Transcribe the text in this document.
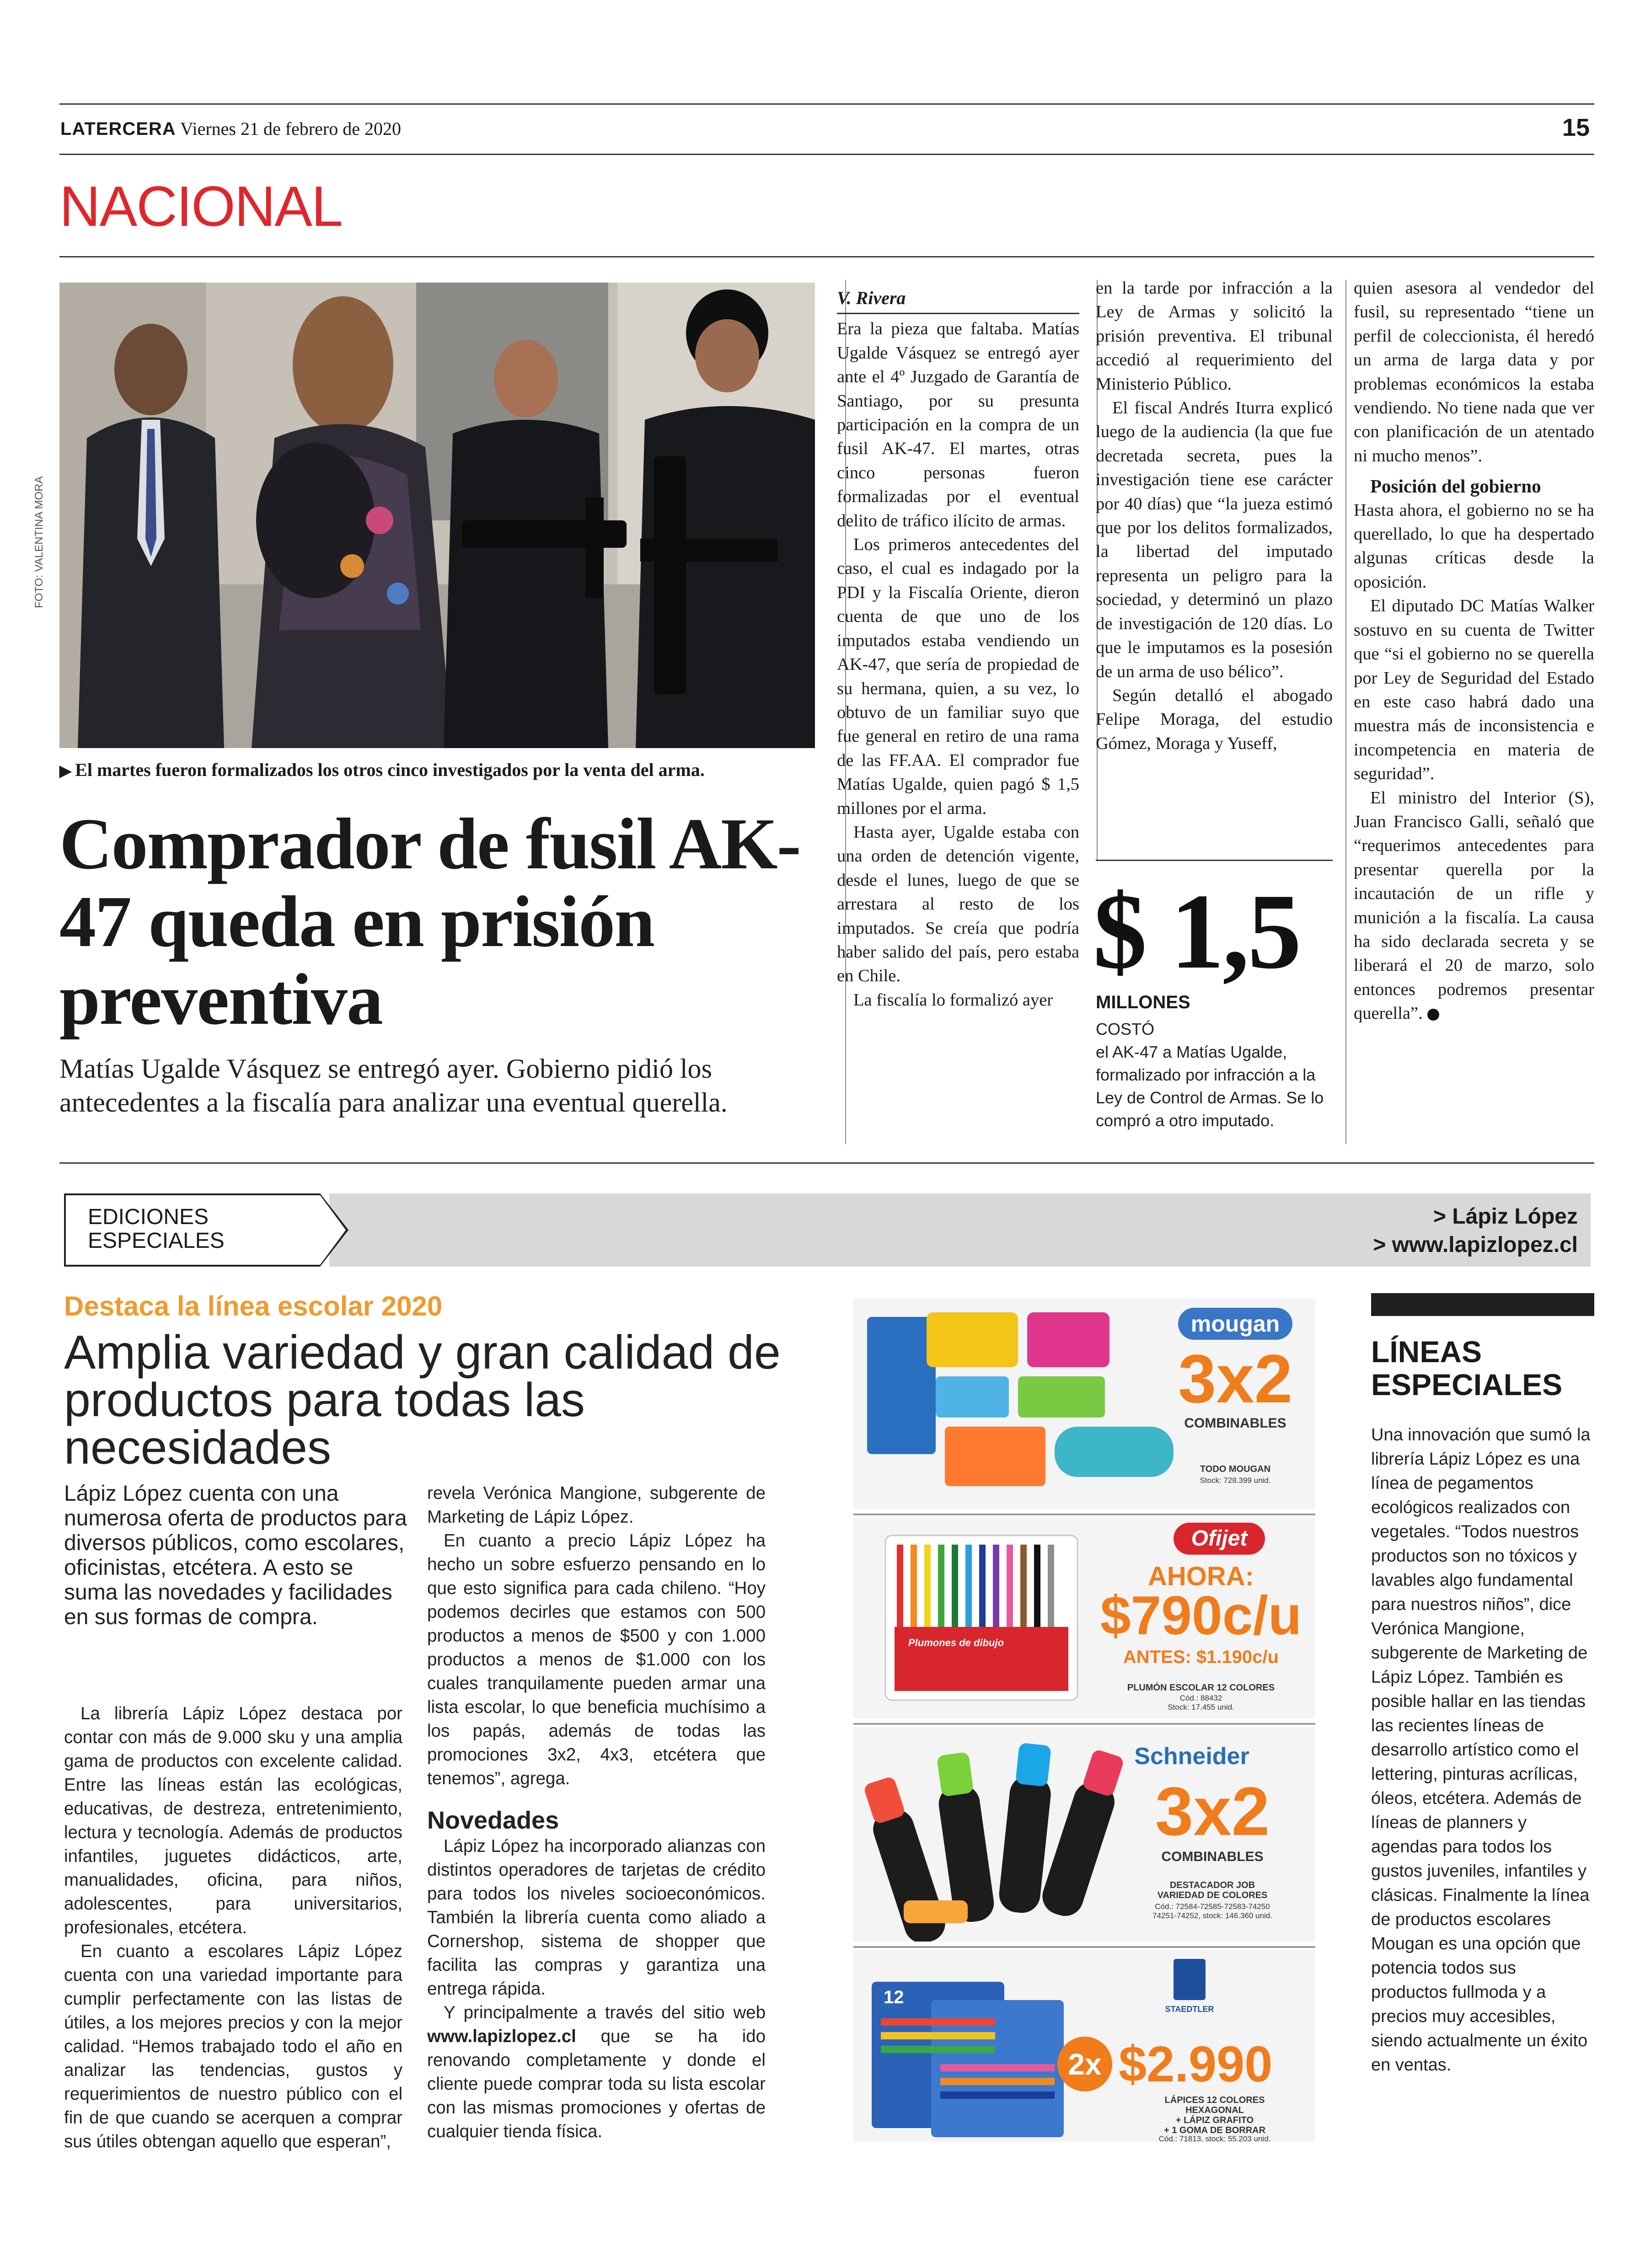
LATERCERA Viernes 21 de febrero de 2020	15
NACIONAL
FOTO: VALENTINA MORA
▶ El martes fueron formalizados los otros cinco investigados por la venta del arma.
Comprador de fusil AK-47 queda en prisión preventiva
Matías Ugalde Vásquez se entregó ayer. Gobierno pidió los antecedentes a la fiscalía para analizar una eventual querella.
V. Rivera

Era la pieza que faltaba. Matías Ugalde Vásquez se entregó ayer ante el 4º Juzgado de Garantía de Santiago, por su presunta participación en la compra de un fusil AK-47. El martes, otras cinco personas fueron formalizadas por el eventual delito de tráfico ilícito de armas.

Los primeros antecedentes del caso, el cual es indagado por la PDI y la Fiscalía Oriente, dieron cuenta de que uno de los imputados estaba vendiendo un AK-47, que sería de propiedad de su hermana, quien, a su vez, lo obtuvo de un familiar suyo que fue general en retiro de una rama de las FF.AA. El comprador fue Matías Ugalde, quien pagó $ 1,5 millones por el arma.

Hasta ayer, Ugalde estaba con una orden de detención vigente, desde el lunes, luego de que se arrestara al resto de los imputados. Se creía que podría haber salido del país, pero estaba en Chile.

La fiscalía lo formalizó ayer

en la tarde por infracción a la Ley de Armas y solicitó la prisión preventiva. El tribunal accedió al requerimiento del Ministerio Público.

El fiscal Andrés Iturra explicó luego de la audiencia (la que fue decretada secreta, pues la investigación tiene ese carácter por 40 días) que “la jueza estimó que por los delitos formalizados, la libertad del imputado representa un peligro para la sociedad, y determinó un plazo de investigación de 120 días. Lo que le imputamos es la posesión de un arma de uso bélico”.

Según detalló el abogado Felipe Moraga, del estudio Gómez, Moraga y Yuseff,

$ 1,5
MILLONES
COSTÓ
el AK-47 a Matías Ugalde, formalizado por infracción a la Ley de Control de Armas. Se lo compró a otro imputado.

quien asesora al vendedor del fusil, su representado “tiene un perfil de coleccionista, él heredó un arma de larga data y por problemas económicos la estaba vendiendo. No tiene nada que ver con planificación de un atentado ni mucho menos”.

Posición del gobierno

Hasta ahora, el gobierno no se ha querellado, lo que ha despertado algunas críticas desde la oposición.

El diputado DC Matías Walker sostuvo en su cuenta de Twitter que “si el gobierno no se querella por Ley de Seguridad del Estado en este caso habrá dado una muestra más de inconsistencia e incompetencia en materia de seguridad”.

El ministro del Interior (S), Juan Francisco Galli, señaló que “requerimos antecedentes para presentar querella por la incautación de un rifle y munición a la fiscalía. La causa ha sido declarada secreta y se liberará el 20 de marzo, solo entonces podremos presentar querella”.

EDICIONES
ESPECIALES
> Lápiz López
> www.lapizlopez.cl
Destaca la línea escolar 2020
Amplia variedad y gran calidad de productos para todas las necesidades
Lápiz López cuenta con una numerosa oferta de productos para diversos públicos, como escolares, oficinistas, etcétera. A esto se suma las novedades y facilidades en sus formas de compra.

La librería Lápiz López destaca por contar con más de 9.000 sku y una amplia gama de productos con excelente calidad. Entre las líneas están las ecológicas, educativas, de destreza, entretenimiento, lectura y tecnología. Además de productos infantiles, juguetes didácticos, arte, manualidades, oficina, para niños, adolescentes, para universitarios, profesionales, etcétera.

En cuanto a escolares Lápiz López cuenta con una variedad importante para cumplir perfectamente con las listas de útiles, a los mejores precios y con la mejor calidad. “Hemos trabajado todo el año en analizar las tendencias, gustos y requerimientos de nuestro público con el fin de que cuando se acerquen a comprar sus útiles obtengan aquello que esperan”,

revela Verónica Mangione, subgerente de Marketing de Lápiz López.

En cuanto a precio Lápiz López ha hecho un sobre esfuerzo pensando en lo que esto significa para cada chileno. “Hoy podemos decirles que estamos con 500 productos a menos de $500 y con 1.000 productos a menos de $1.000 con los cuales tranquilamente pueden armar una lista escolar, lo que beneficia muchísimo a los papás, además de todas las promociones 3x2, 4x3, etcétera que tenemos”, agrega.

Novedades

Lápiz López ha incorporado alianzas con distintos operadores de tarjetas de crédito para todos los niveles socioeconómicos. También la librería cuenta como aliado a Cornershop, sistema de shopper que facilita las compras y garantiza una entrega rápida.

Y principalmente a través del sitio web www.lapizlopez.cl que se ha ido renovando completamente y donde el cliente puede comprar toda su lista escolar con las mismas promociones y ofertas de cualquier tienda física.

mougan
3x2
COMBINABLES
TODO MOUGAN
Stock: 728.399 unid.
Plumones de dibujo
Ofijet
AHORA:
$790c/u
ANTES: $1.190c/u
PLUMÓN ESCOLAR 12 COLORES
Cód.: 88432
Stock: 17.455 unid.
Schneider
3x2
COMBINABLES
DESTACADOR JOB
VARIEDAD DE COLORES
Cód.: 72584-72585-72583-74250
74251-74252, stock: 146.360 unid.
12
STAEDTLER
2x $2.990
LÁPICES 12 COLORES
HEXAGONAL
+ LÁPIZ GRAFITO
+ 1 GOMA DE BORRAR
Cód.: 71813, stock: 55.203 unid.
LÍNEAS
ESPECIALES
Una innovación que sumó la librería Lápiz López es una línea de pegamentos ecológicos realizados con vegetales. “Todos nuestros productos son no tóxicos y lavables algo fundamental para nuestros niños”, dice Verónica Mangione, subgerente de Marketing de Lápiz López. También es posible hallar en las tiendas las recientes líneas de desarrollo artístico como el lettering, pinturas acrílicas, óleos, etcétera. Además de líneas de planners y agendas para todos los gustos juveniles, infantiles y clásicas. Finalmente la línea de productos escolares Mougan es una opción que potencia todos sus productos fullmoda y a precios muy accesibles, siendo actualmente un éxito en ventas.
